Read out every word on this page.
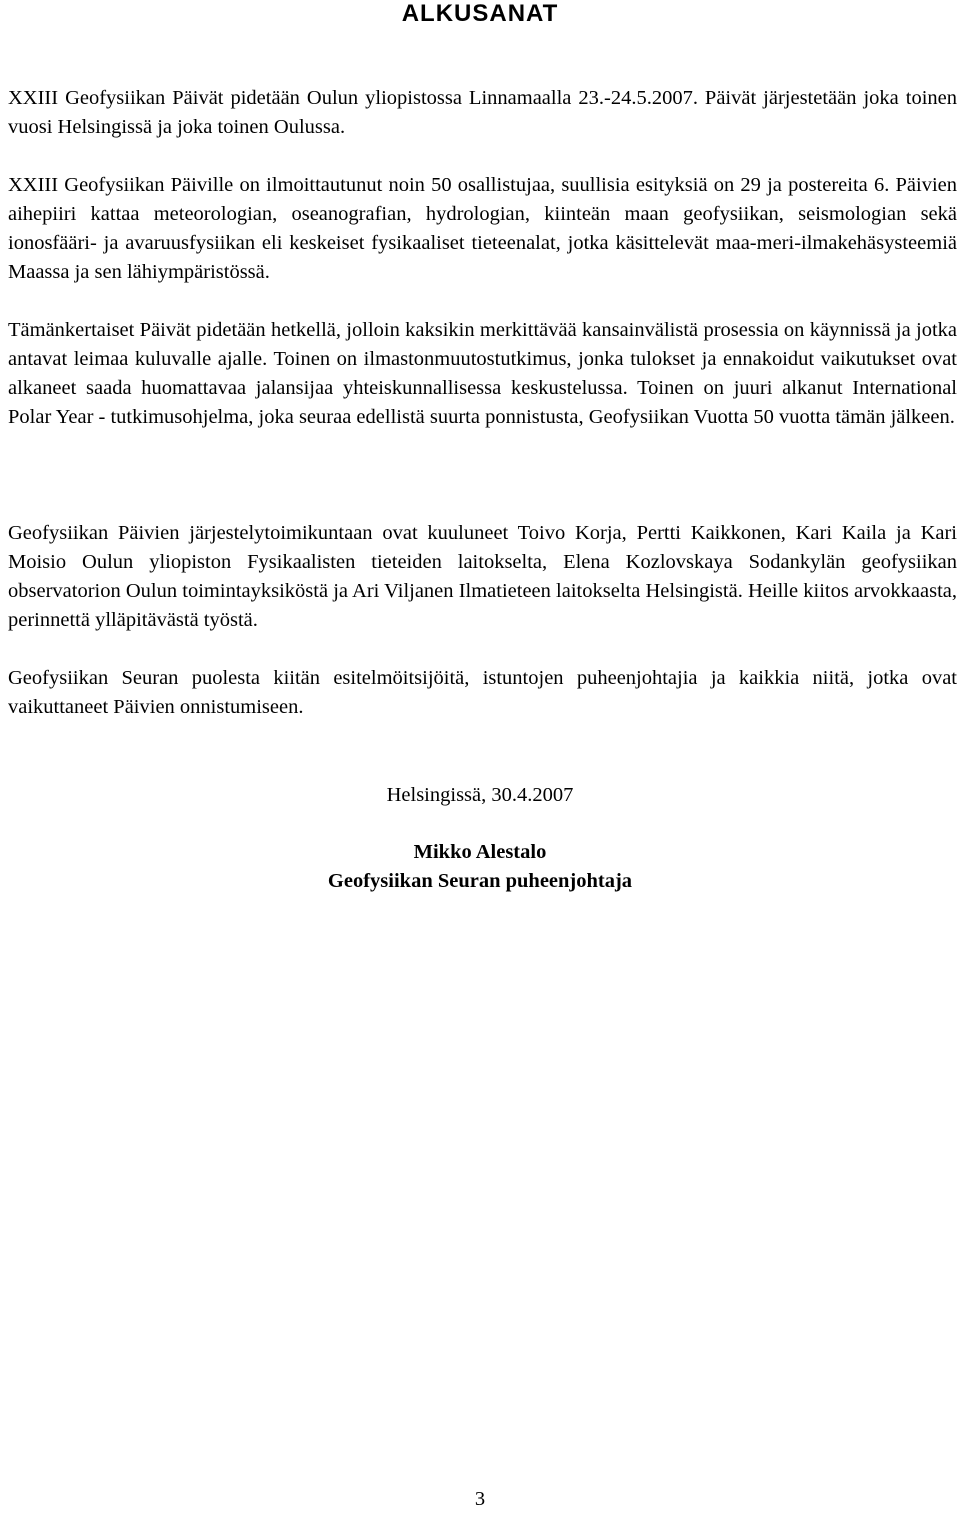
ALKUSANAT

XXIII Geofysiikan Päivät pidetään Oulun yliopistossa Linnamaalla 23.-24.5.2007. Päivät järjestetään joka toinen vuosi Helsingissä ja joka toinen Oulussa.

XXIII Geofysiikan Päiville on ilmoittautunut noin 50 osallistujaa, suullisia esityksiä on 29 ja postereita 6. Päivien aihepiiri kattaa meteorologian, oseanografian, hydrologian, kiinteän maan geofysiikan, seismologian sekä ionosfääri- ja avaruusfysiikan eli keskeiset fysikaaliset tieteenalat, jotka käsittelevät maa-meri-ilmakehäsysteemiä Maassa ja sen lähiympäristössä.

Tämänkertaiset Päivät pidetään hetkellä, jolloin kaksikin merkittävää kansainvälistä prosessia on käynnissä ja jotka antavat leimaa kuluvalle ajalle. Toinen on ilmastonmuutostutkimus, jonka tulokset ja ennakoidut vaikutukset ovat alkaneet saada huomattavaa jalansijaa yhteiskunnallisessa keskustelussa. Toinen on juuri alkanut International Polar Year - tutkimusohjelma, joka seuraa edellistä suurta ponnistusta, Geofysiikan Vuotta 50 vuotta tämän jälkeen.

Geofysiikan Päivien järjestelytoimikuntaan ovat kuuluneet Toivo Korja, Pertti Kaikkonen, Kari Kaila ja Kari Moisio Oulun yliopiston Fysikaalisten tieteiden laitokselta, Elena Kozlovskaya Sodankylän geofysiikan observatorion Oulun toimintayksiköstä ja Ari Viljanen Ilmatieteen laitokselta Helsingistä. Heille kiitos arvokkaasta, perinnettä ylläpitävästä työstä.

Geofysiikan Seuran puolesta kiitän esitelmöitsijöitä, istuntojen puheenjohtajia ja kaikkia niitä, jotka ovat vaikuttaneet Päivien onnistumiseen.

Helsingissä, 30.4.2007
Mikko Alestalo
Geofysiikan Seuran puheenjohtaja
3
